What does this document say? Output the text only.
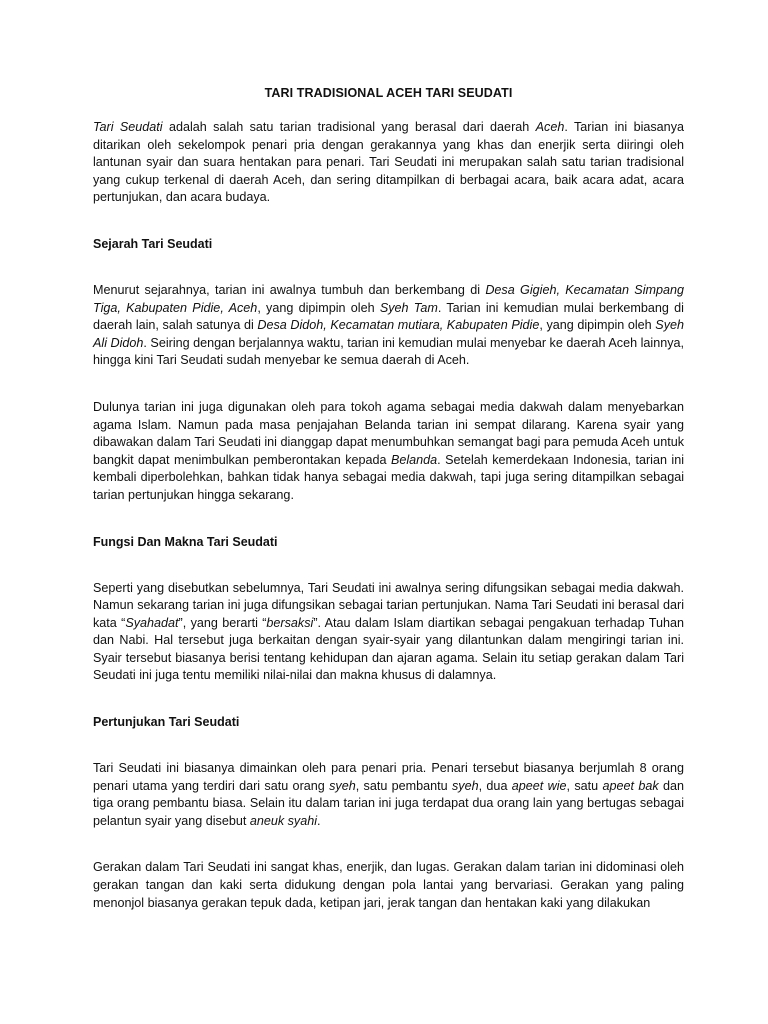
TARI TRADISIONAL ACEH TARI SEUDATI

Tari Seudati adalah salah satu tarian tradisional yang berasal dari daerah Aceh. Tarian ini biasanya ditarikan oleh sekelompok penari pria dengan gerakannya yang khas dan enerjik serta diiringi oleh lantunan syair dan suara hentakan para penari. Tari Seudati ini merupakan salah satu tarian tradisional yang cukup terkenal di daerah Aceh, dan sering ditampilkan di berbagai acara, baik acara adat, acara pertunjukan, dan acara budaya.

Sejarah Tari Seudati

Menurut sejarahnya, tarian ini awalnya tumbuh dan berkembang di Desa Gigieh, Kecamatan Simpang Tiga, Kabupaten Pidie, Aceh, yang dipimpin oleh Syeh Tam. Tarian ini kemudian mulai berkembang di daerah lain, salah satunya di Desa Didoh, Kecamatan mutiara, Kabupaten Pidie, yang dipimpin oleh Syeh Ali Didoh. Seiring dengan berjalannya waktu, tarian ini kemudian mulai menyebar ke daerah Aceh lainnya, hingga kini Tari Seudati sudah menyebar ke semua daerah di Aceh.

Dulunya tarian ini juga digunakan oleh para tokoh agama sebagai media dakwah dalam menyebarkan agama Islam. Namun pada masa penjajahan Belanda tarian ini sempat dilarang. Karena syair yang dibawakan dalam Tari Seudati ini dianggap dapat menumbuhkan semangat bagi para pemuda Aceh untuk bangkit dapat menimbulkan pemberontakan kepada Belanda. Setelah kemerdekaan Indonesia, tarian ini kembali diperbolehkan, bahkan tidak hanya sebagai media dakwah, tapi juga sering ditampilkan sebagai tarian pertunjukan hingga sekarang.

Fungsi Dan Makna Tari Seudati

Seperti yang disebutkan sebelumnya, Tari Seudati ini awalnya sering difungsikan sebagai media dakwah. Namun sekarang tarian ini juga difungsikan sebagai tarian pertunjukan. Nama Tari Seudati ini berasal dari kata “Syahadat”, yang berarti “bersaksi”. Atau dalam Islam diartikan sebagai pengakuan terhadap Tuhan dan Nabi. Hal tersebut juga berkaitan dengan syair-syair yang dilantunkan dalam mengiringi tarian ini. Syair tersebut biasanya berisi tentang kehidupan dan ajaran agama. Selain itu setiap gerakan dalam Tari Seudati ini juga tentu memiliki nilai-nilai dan makna khusus di dalamnya.

Pertunjukan Tari Seudati

Tari Seudati ini biasanya dimainkan oleh para penari pria. Penari tersebut biasanya berjumlah 8 orang penari utama yang terdiri dari satu orang syeh, satu pembantu syeh, dua apeet wie, satu apeet bak dan tiga orang pembantu biasa. Selain itu dalam tarian ini juga terdapat dua orang lain yang bertugas sebagai pelantun syair yang disebut aneuk syahi.

Gerakan dalam Tari Seudati ini sangat khas, enerjik, dan lugas. Gerakan dalam tarian ini didominasi oleh gerakan tangan dan kaki serta didukung dengan pola lantai yang bervariasi. Gerakan yang paling menonjol biasanya gerakan tepuk dada, ketipan jari, jerak tangan dan hentakan kaki yang dilakukan
